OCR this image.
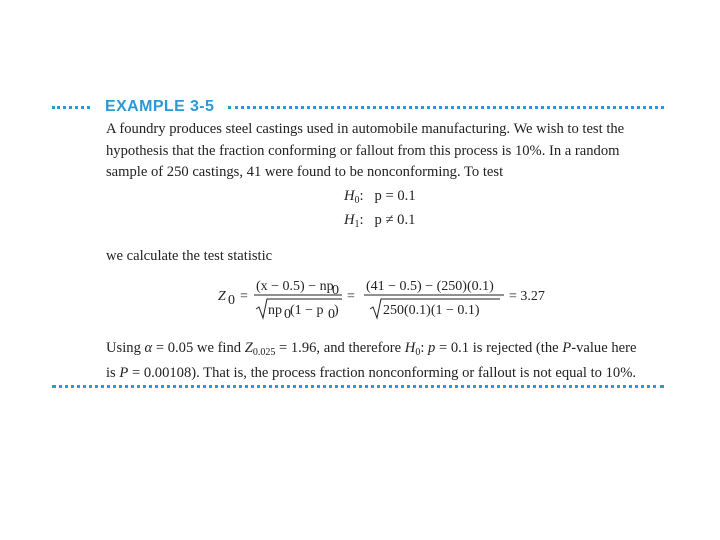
EXAMPLE 3-5
A foundry produces steel castings used in automobile manufacturing. We wish to test the
hypothesis that the fraction conforming or fallout from this process is 10%. In a random
sample of 250 castings, 41 were found to be nonconforming. To test
$H_0$:   p = 0.1
$H_1$:   p ≠ 0.1
we calculate the test statistic
Z 0 =
(x − 0.5) − np
0
np 0 (1 − p 0 )
=
(41 − 0.5) − (250)(0.1)
250(0.1)(1 − 0.1)
= 3.27
Using α = 0.05 we find $Z_{0.025} = 1.96$, and therefore $H_0$: p = 0.1 is rejected (the P-value here
is P = 0.00108). That is, the process fraction nonconforming or fallout is not equal to 10%.
